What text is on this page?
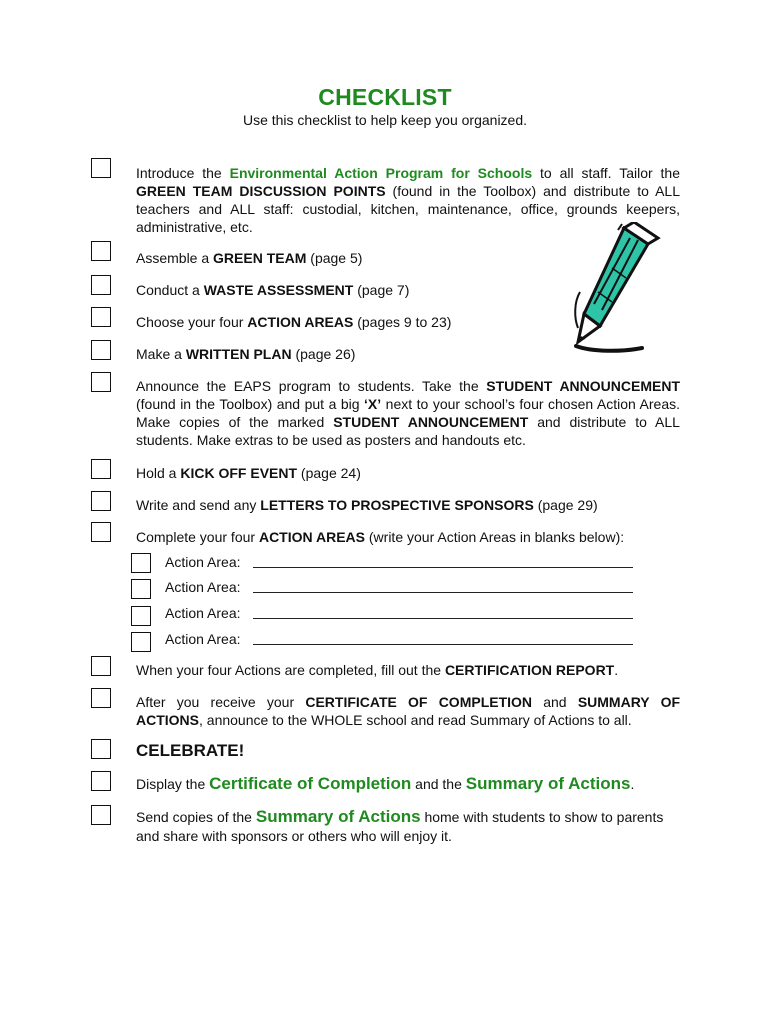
CHECKLIST
Use this checklist to help keep you organized.
Introduce the Environmental Action Program for Schools to all staff. Tailor the GREEN TEAM DISCUSSION POINTS (found in the Toolbox) and distribute to ALL teachers and ALL staff: custodial, kitchen, maintenance, office, grounds keepers, administrative, etc.
Assemble a GREEN TEAM (page 5)
Conduct a WASTE ASSESSMENT (page 7)
Choose your four ACTION AREAS (pages 9 to 23)
Make a WRITTEN PLAN (page 26)
Announce the EAPS program to students. Take the STUDENT ANNOUNCEMENT (found in the Toolbox) and put a big ‘X’ next to your school’s four chosen Action Areas. Make copies of the marked STUDENT ANNOUNCEMENT and distribute to ALL students. Make extras to be used as posters and handouts etc.
Hold a KICK OFF EVENT (page 24)
Write and send any LETTERS TO PROSPECTIVE SPONSORS (page 29)
Complete your four ACTION AREAS (write your Action Areas in blanks below):
Action Area:
Action Area:
Action Area:
Action Area:
When your four Actions are completed, fill out the CERTIFICATION REPORT.
After you receive your CERTIFICATE OF COMPLETION and SUMMARY OF ACTIONS, announce to the WHOLE school and read Summary of Actions to all.
CELEBRATE!
Display the Certificate of Completion and the Summary of Actions.
Send copies of the Summary of Actions home with students to show to parents and share with sponsors or others who will enjoy it.
